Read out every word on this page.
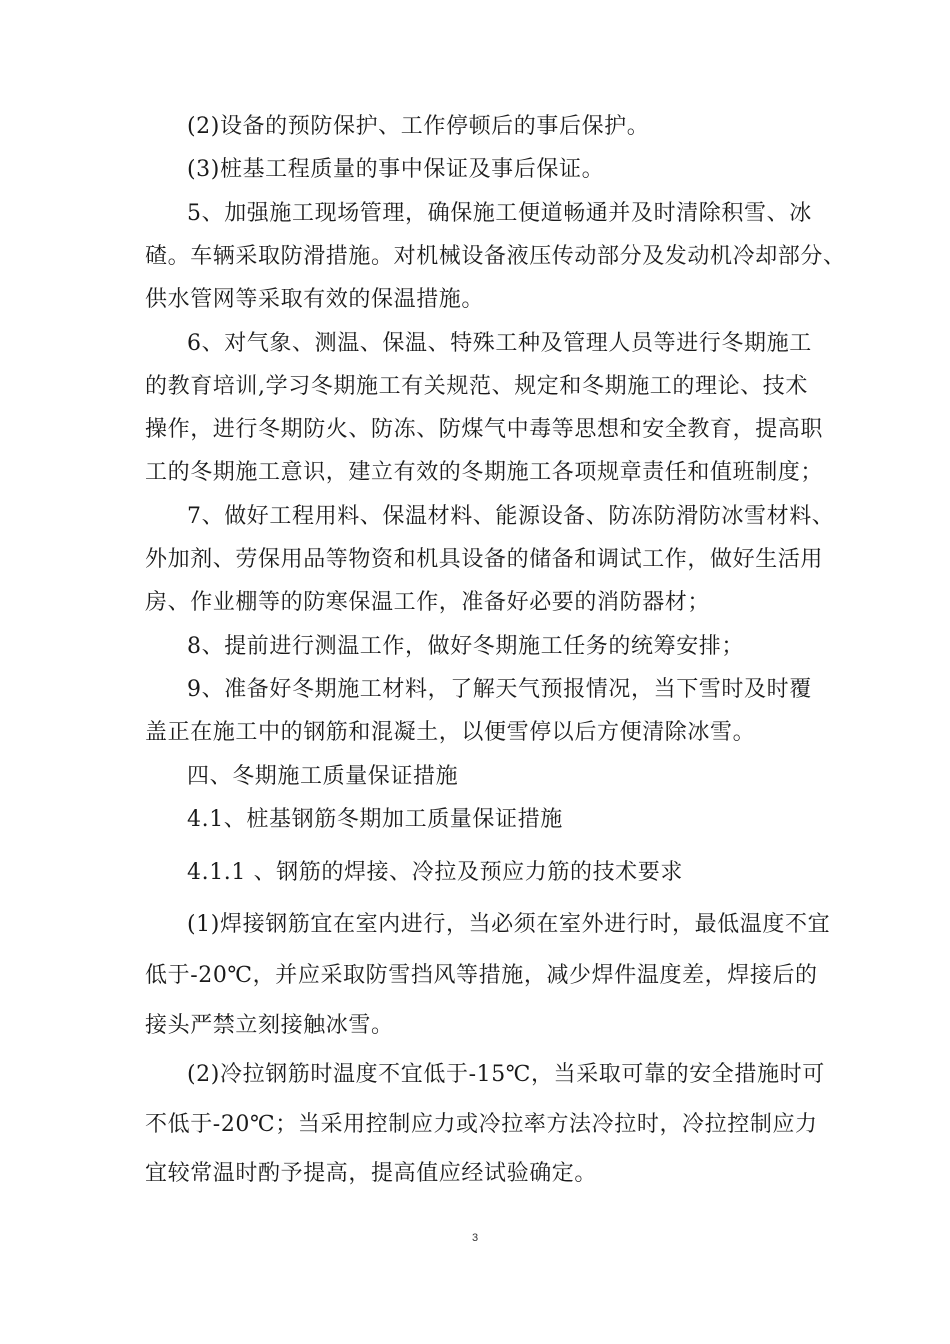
(2)设备的预防保护、工作停顿后的事后保护。
(3)桩基工程质量的事中保证及事后保证。
5、加强施工现场管理，确保施工便道畅通并及时清除积雪、冰
碴。车辆采取防滑措施。对机械设备液压传动部分及发动机冷却部分、
供水管网等采取有效的保温措施。
6、对气象、测温、保温、特殊工种及管理人员等进行冬期施工
的教育培训,学习冬期施工有关规范、规定和冬期施工的理论、技术
操作，进行冬期防火、防冻、防煤气中毒等思想和安全教育，提高职
工的冬期施工意识，建立有效的冬期施工各项规章责任和值班制度；
7、做好工程用料、保温材料、能源设备、防冻防滑防冰雪材料、
外加剂、劳保用品等物资和机具设备的储备和调试工作，做好生活用
房、作业棚等的防寒保温工作，准备好必要的消防器材；
8、提前进行测温工作，做好冬期施工任务的统筹安排；
9、准备好冬期施工材料，了解天气预报情况，当下雪时及时覆
盖正在施工中的钢筋和混凝土，以便雪停以后方便清除冰雪。
四、冬期施工质量保证措施
4.1、桩基钢筋冬期加工质量保证措施
4.1.1 、钢筋的焊接、冷拉及预应力筋的技术要求
(1)焊接钢筋宜在室内进行，当必须在室外进行时，最低温度不宜
低于-20℃，并应采取防雪挡风等措施，减少焊件温度差，焊接后的
接头严禁立刻接触冰雪。
(2)冷拉钢筋时温度不宜低于-15℃，当采取可靠的安全措施时可
不低于-20℃；当采用控制应力或冷拉率方法冷拉时，冷拉控制应力
宜较常温时酌予提高，提高值应经试验确定。
3
